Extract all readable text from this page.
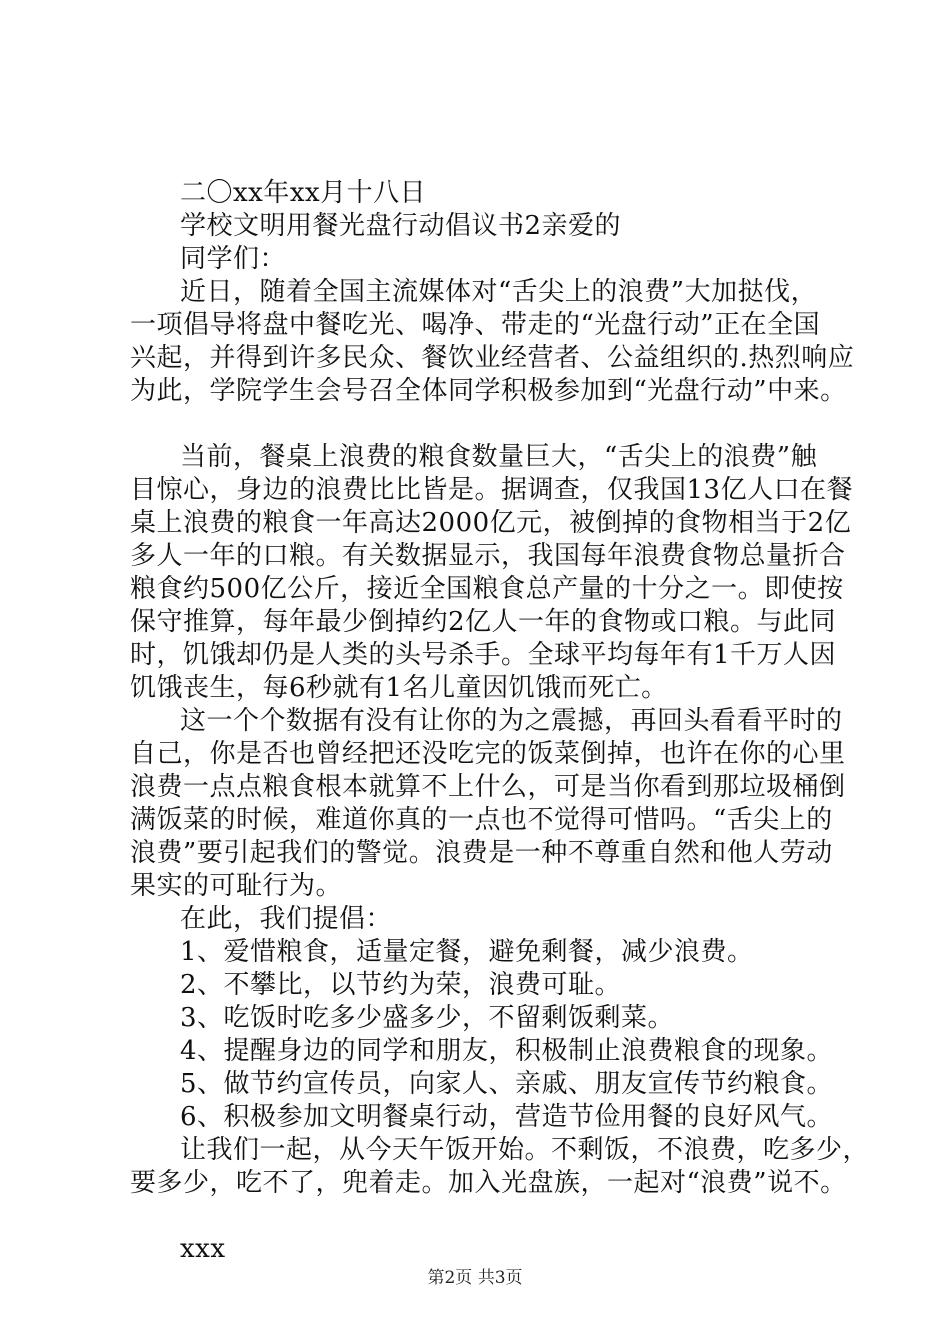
二〇xx年xx月十八日
学校文明用餐光盘行动倡议书2亲爱的
同学们：
近日，随着全国主流媒体对“舌尖上的浪费”大加挞伐，
一项倡导将盘中餐吃光、喝净、带走的“光盘行动”正在全国
兴起，并得到许多民众、餐饮业经营者、公益组织的.热烈响应
为此，学院学生会号召全体同学积极参加到“光盘行动”中来。
当前，餐桌上浪费的粮食数量巨大，“舌尖上的浪费”触
目惊心，身边的浪费比比皆是。据调查，仅我国13亿人口在餐
桌上浪费的粮食一年高达2000亿元，被倒掉的食物相当于2亿
多人一年的口粮。有关数据显示，我国每年浪费食物总量折合
粮食约500亿公斤，接近全国粮食总产量的十分之一。即使按
保守推算，每年最少倒掉约2亿人一年的食物或口粮。与此同
时，饥饿却仍是人类的头号杀手。全球平均每年有1千万人因
饥饿丧生，每6秒就有1名儿童因饥饿而死亡。
这一个个数据有没有让你的为之震撼，再回头看看平时的
自己，你是否也曾经把还没吃完的饭菜倒掉，也许在你的心里
浪费一点点粮食根本就算不上什么，可是当你看到那垃圾桶倒
满饭菜的时候，难道你真的一点也不觉得可惜吗。“舌尖上的
浪费”要引起我们的警觉。浪费是一种不尊重自然和他人劳动
果实的可耻行为。
在此，我们提倡：
1、爱惜粮食，适量定餐，避免剩餐，减少浪费。
2、不攀比，以节约为荣，浪费可耻。
3、吃饭时吃多少盛多少，不留剩饭剩菜。
4、提醒身边的同学和朋友，积极制止浪费粮食的现象。
5、做节约宣传员，向家人、亲戚、朋友宣传节约粮食。
6、积极参加文明餐桌行动，营造节俭用餐的良好风气。
让我们一起，从今天午饭开始。不剩饭，不浪费，吃多少，
要多少，吃不了，兜着走。加入光盘族，一起对“浪费”说不。
xxx
第2页 共3页
